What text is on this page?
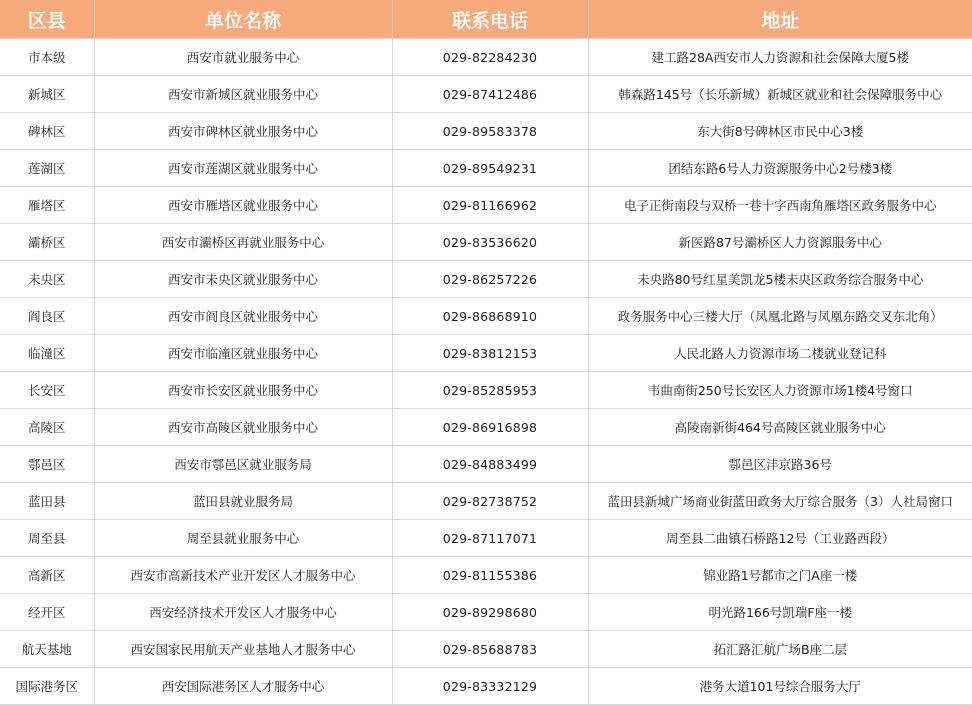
区县	单位名称	联系电话	地址
市本级	西安市就业服务中心	029-82284230	建工路28A西安市人力资源和社会保障大厦5楼
新城区	西安市新城区就业服务中心	029-87412486	韩森路145号（长乐新城）新城区就业和社会保障服务中心
碑林区	西安市碑林区就业服务中心	029-89583378	东大街8号碑林区市民中心3楼
莲湖区	西安市莲湖区就业服务中心	029-89549231	团结东路6号人力资源服务中心2号楼3楼
雁塔区	西安市雁塔区就业服务中心	029-81166962	电子正街南段与双桥一巷十字西南角雁塔区政务服务中心
灞桥区	西安市灞桥区再就业服务中心	029-83536620	新医路87号灞桥区人力资源服务中心
未央区	西安市未央区就业服务中心	029-86257226	未央路80号红星美凯龙5楼未央区政务综合服务中心
阎良区	西安市阎良区就业服务中心	029-86868910	政务服务中心三楼大厅（凤凰北路与凤凰东路交叉东北角）
临潼区	西安市临潼区就业服务中心	029-83812153	人民北路人力资源市场二楼就业登记科
长安区	西安市长安区就业服务中心	029-85285953	韦曲南街250号长安区人力资源市场1楼4号窗口
高陵区	西安市高陵区就业服务中心	029-86916898	高陵南新街464号高陵区就业服务中心
鄠邑区	西安市鄠邑区就业服务局	029-84883499	鄠邑区沣京路36号
蓝田县	蓝田县就业服务局	029-82738752	蓝田县新城广场商业街蓝田政务大厅综合服务（3）人社局窗口
周至县	周至县就业服务中心	029-87117071	周至县二曲镇石桥路12号（工业路西段）
高新区	西安市高新技术产业开发区人才服务中心	029-81155386	锦业路1号都市之门A座一楼
经开区	西安经济技术开发区人才服务中心	029-89298680	明光路166号凯瑞F座一楼
航天基地	西安国家民用航天产业基地人才服务中心	029-85688783	拓汇路汇航广场B座二层
国际港务区	西安国际港务区人才服务中心	029-83332129	港务大道101号综合服务大厅
